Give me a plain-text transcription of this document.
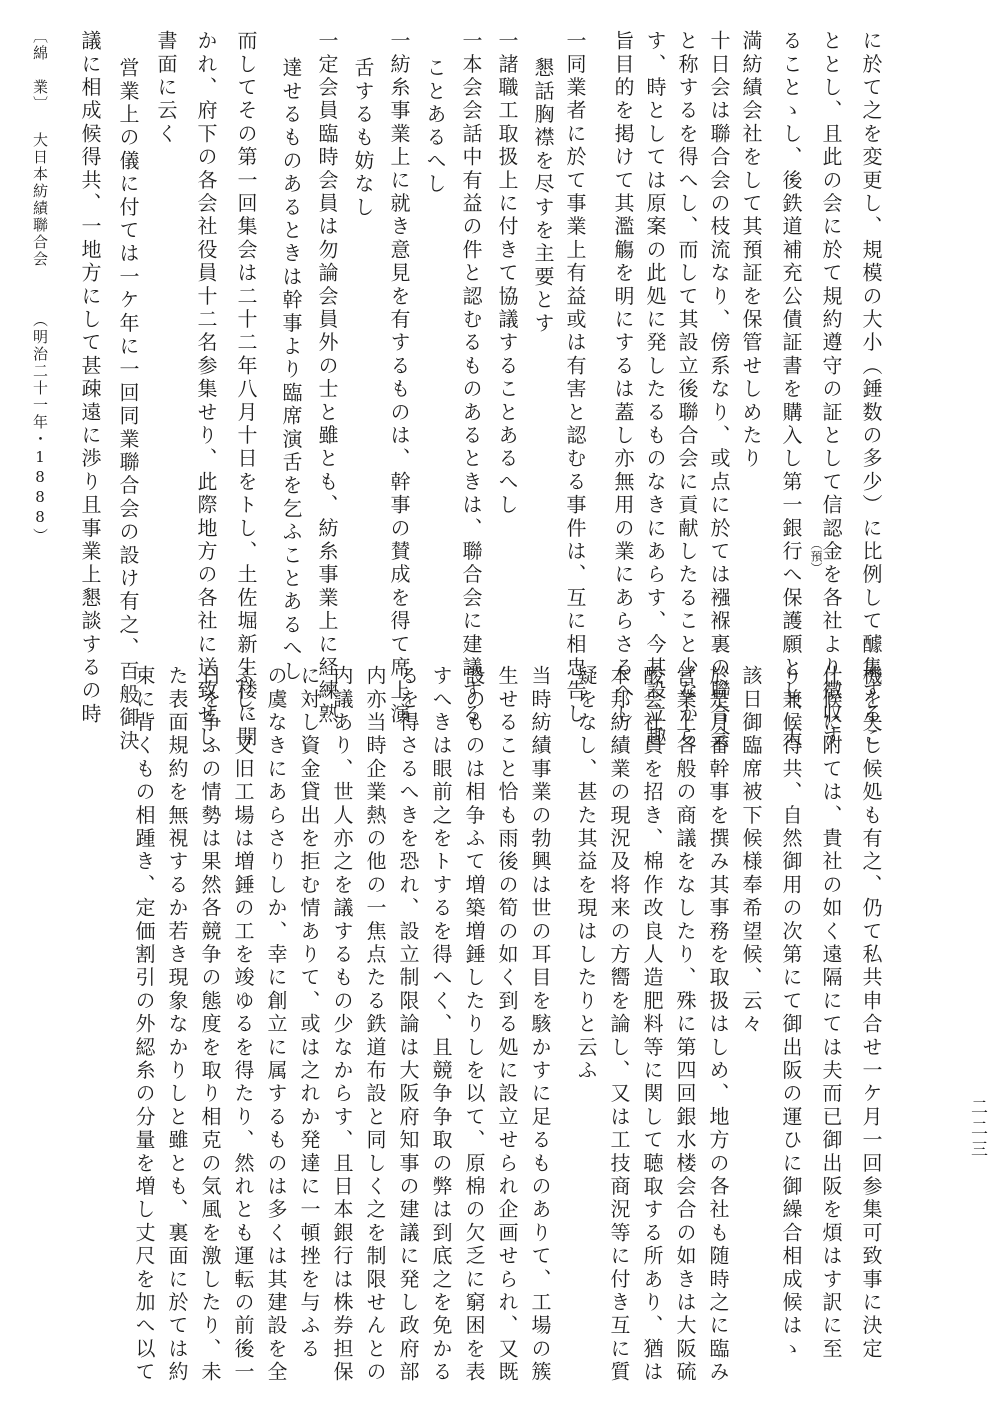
に於て之を変更し、規模の大小（錘数の多少）に比例して醵集するこ
ととし、且此の会に於て規約遵守の証として信認金を各社より徴収す
ることゝし、後鉄道補充公債証書を購入し第一銀行へ保護願とし、天
満紡績会社をして其預証を保管せしめたり
十日会は聯合会の枝流なり、傍系なり、或点に於ては襁褓裏の聯合会
と称するを得へし、而して其設立後聯合会に貢献したること少なから
す、時としては原案の此処に発したるものなきにあらす、今其設立趣
旨目的を掲けて其濫觴を明にするは蓋し亦無用の業にあらさるへし
一同業者に於て事業上有益或は有害と認むる事件は、互に相忠告し
懇話胸襟を尽すを主要とす
一諸職工取扱上に付きて協議することあるへし
一本会会話中有益の件と認むるものあるときは、聯合会に建議する
ことあるへし
一紡糸事業上に就き意見を有するものは、幹事の賛成を得て席上演
舌するも妨なし
一定会員臨時会員は勿論会員外の士と雖とも、紡糸事業上に経練熟
達せるものあるときは幹事より臨席演舌を乞ふことあるへし
而してその第一回集会は二十二年八月十日をトし、土佐堀新生楼に開
かれ、府下の各会社役員十二名参集せり、此際地方の各社に送致せし
書面に云く
営業上の儀に付ては一ケ年に一回同業聯合会の設け有之、百般御決
議に相成候得共、一地方にして甚疎遠に渉り且事業上懇談するの時	（預）
機を失し候処も有之、仍て私共申合せ一ケ月一回参集可致事に決定
仕候に附ては、貴社の如く遠隔にては夫而已御出阪を煩はす訳に至
り兼候得共、自然御用の次第にて御出阪の運ひに御繰合相成候はゝ
該日御臨席被下候様奉希望候、云々
於是月番幹事を撰み其事務を取扱はしめ、地方の各社も随時之に臨み
営業上各般の商議をなしたり、殊に第四回銀水楼会合の如きは大阪硫
酸会社員を招き、棉作改良人造肥料等に関して聴取する所あり、猶は
本邦紡績業の現況及将来の方嚮を論し、又は工技商況等に付き互に質
疑をなし、甚た其益を現はしたりと云ふ
当時紡績事業の勃興は世の耳目を駭かすに足るものありて、工場の簇
生せること恰も雨後の筍の如く到る処に設立せられ企画せられ、又既
設のものは相争ふて増築増錘したりしを以て、原棉の欠乏に窮困を表
すへきは眼前之をトするを得へく、且競争争取の弊は到底之を免かる
るを得さるへきを恐れ、設立制限論は大阪府知事の建議に発し政府部
内亦当時企業熱の他の一焦点たる鉄道布設と同しく之を制限せんとの
内議あり、世人亦之を議するもの少なからす、且日本銀行は株券担保
に対し資金貸出を拒む情ありて、或は之れか発達に一頓挫を与ふる
の虞なきにあらさりしか、幸に創立に属するものは多くは其建設を全
ふし、又旧工場は増錘の工を竣ゆるを得たり、然れとも運転の前後一
日を争ふの情勢は果然各競争の態度を取り相克の気風を激したり、未
た表面規約を無視するか若き現象なかりしと雖とも、裏面に於ては約
束に背くもの相踵き、定価割引の外綛糸の分量を増し丈尺を加へ以て
〔綿　業〕
大日本紡績聯合会
（明治二十一年・1888）
二二三
